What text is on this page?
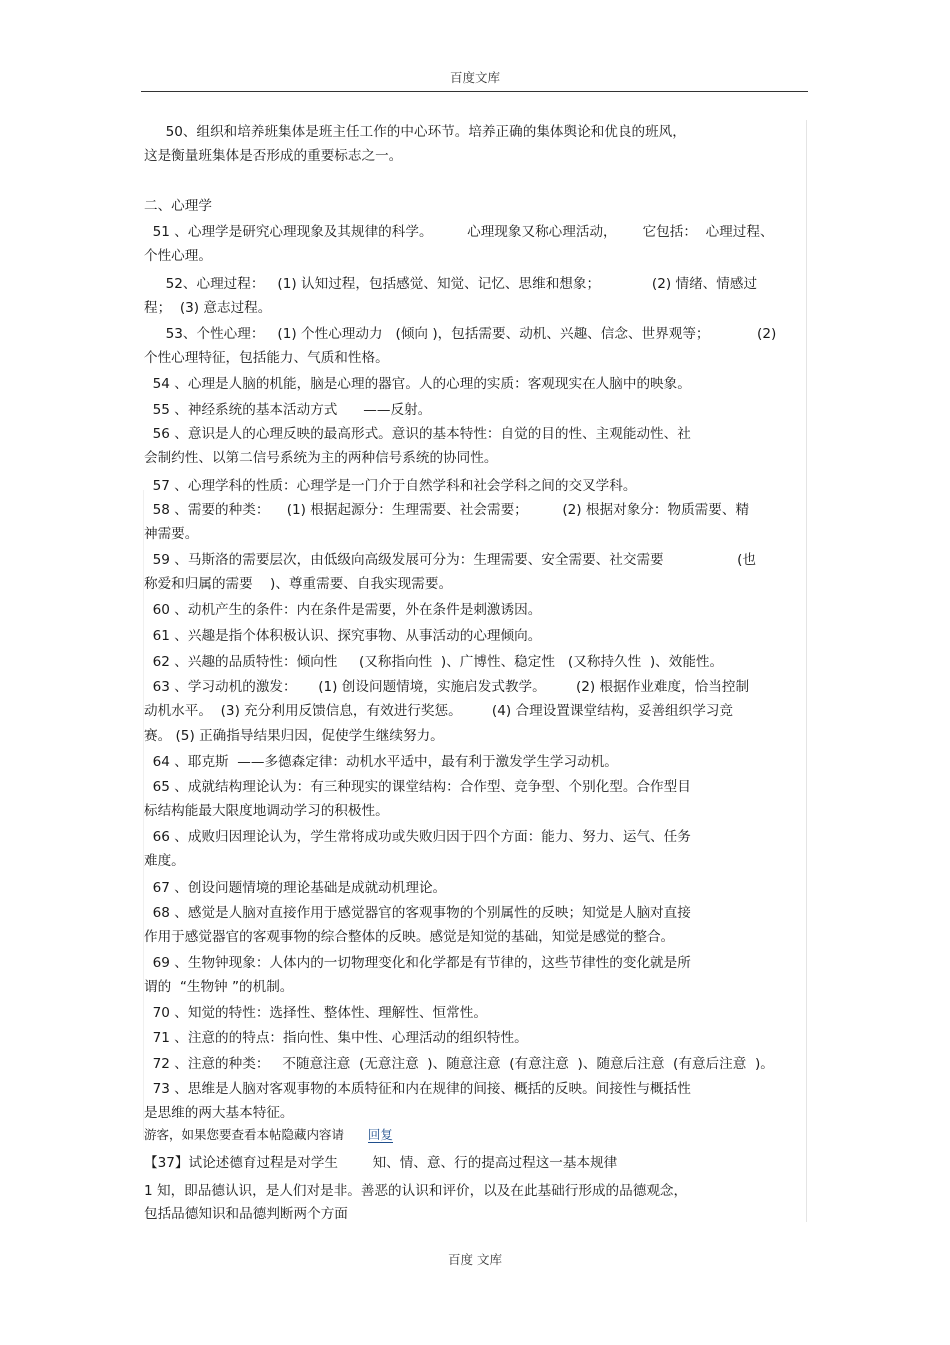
百度文库
50、组织和培养班集体是班主任工作的中心环节。培养正确的集体舆论和优良的班风，
这是衡量班集体是否形成的重要标志之一。
二、心理学
51 、心理学是研究心理现象及其规律的科学。        心理现象又称心理活动，      它包括：  心理过程、
个性心理。
52、心理过程：   (1) 认知过程，包括感觉、知觉、记忆、思维和想象；            (2) 情绪、情感过
程；  (3) 意志过程。
53、个性心理：   (1) 个性心理动力   (倾向 )，包括需要、动机、兴趣、信念、世界观等；           (2)
个性心理特征，包括能力、气质和性格。
54 、心理是人脑的机能，脑是心理的器官。人的心理的实质：客观现实在人脑中的映象。
55 、神经系统的基本活动方式      ——反射。
56 、意识是人的心理反映的最高形式。意识的基本特性：自觉的目的性、主观能动性、社
会制约性、以第二信号系统为主的两种信号系统的协同性。
57 、心理学科的性质：心理学是一门介于自然学科和社会学科之间的交叉学科。
58 、需要的种类：    (1) 根据起源分：生理需要、社会需要；        (2) 根据对象分：物质需要、精
神需要。
59 、马斯洛的需要层次，由低级向高级发展可分为：生理需要、安全需要、社交需要                 (也
称爱和归属的需要    )、尊重需要、自我实现需要。
60 、动机产生的条件：内在条件是需要，外在条件是刺激诱因。
61 、兴趣是指个体积极认识、探究事物、从事活动的心理倾向。
62 、兴趣的品质特性：倾向性     (又称指向性  )、广博性、稳定性   (又称持久性  )、效能性。
63 、学习动机的激发：     (1) 创设问题情境，实施启发式教学。       (2) 根据作业难度，恰当控制
动机水平。  (3) 充分利用反馈信息，有效进行奖惩。       (4) 合理设置课堂结构，妥善组织学习竞
赛。 (5) 正确指导结果归因，促使学生继续努力。
64 、耶克斯  ——多德森定律：动机水平适中，最有利于激发学生学习动机。
65 、成就结构理论认为：有三种现实的课堂结构：合作型、竞争型、个别化型。合作型目
标结构能最大限度地调动学习的积极性。
66 、成败归因理论认为，学生常将成功或失败归因于四个方面：能力、努力、运气、任务
难度。
67 、创设问题情境的理论基础是成就动机理论。
68 、感觉是人脑对直接作用于感觉器官的客观事物的个别属性的反映；知觉是人脑对直接
作用于感觉器官的客观事物的综合整体的反映。感觉是知觉的基础，知觉是感觉的整合。
69 、生物钟现象：人体内的一切物理变化和化学都是有节律的，这些节律性的变化就是所
谓的  “生物钟 ”的机制。
70 、知觉的特性：选择性、整体性、理解性、恒常性。
71 、注意的的特点：指向性、集中性、心理活动的组织特性。
72 、注意的种类：   不随意注意  (无意注意  )、随意注意  (有意注意  )、随意后注意  (有意后注意  )。
73 、思维是人脑对客观事物的本质特征和内在规律的间接、概括的反映。间接性与概括性
是思维的两大基本特征。
游客，如果您要查看本帖隐藏内容请 回复
【37】试论述德育过程是对学生        知、情、意、行的提高过程这一基本规律
1 知，即品德认识，是人们对是非。善恶的认识和评价，以及在此基础行形成的品德观念，
包括品德知识和品德判断两个方面
百度 文库
